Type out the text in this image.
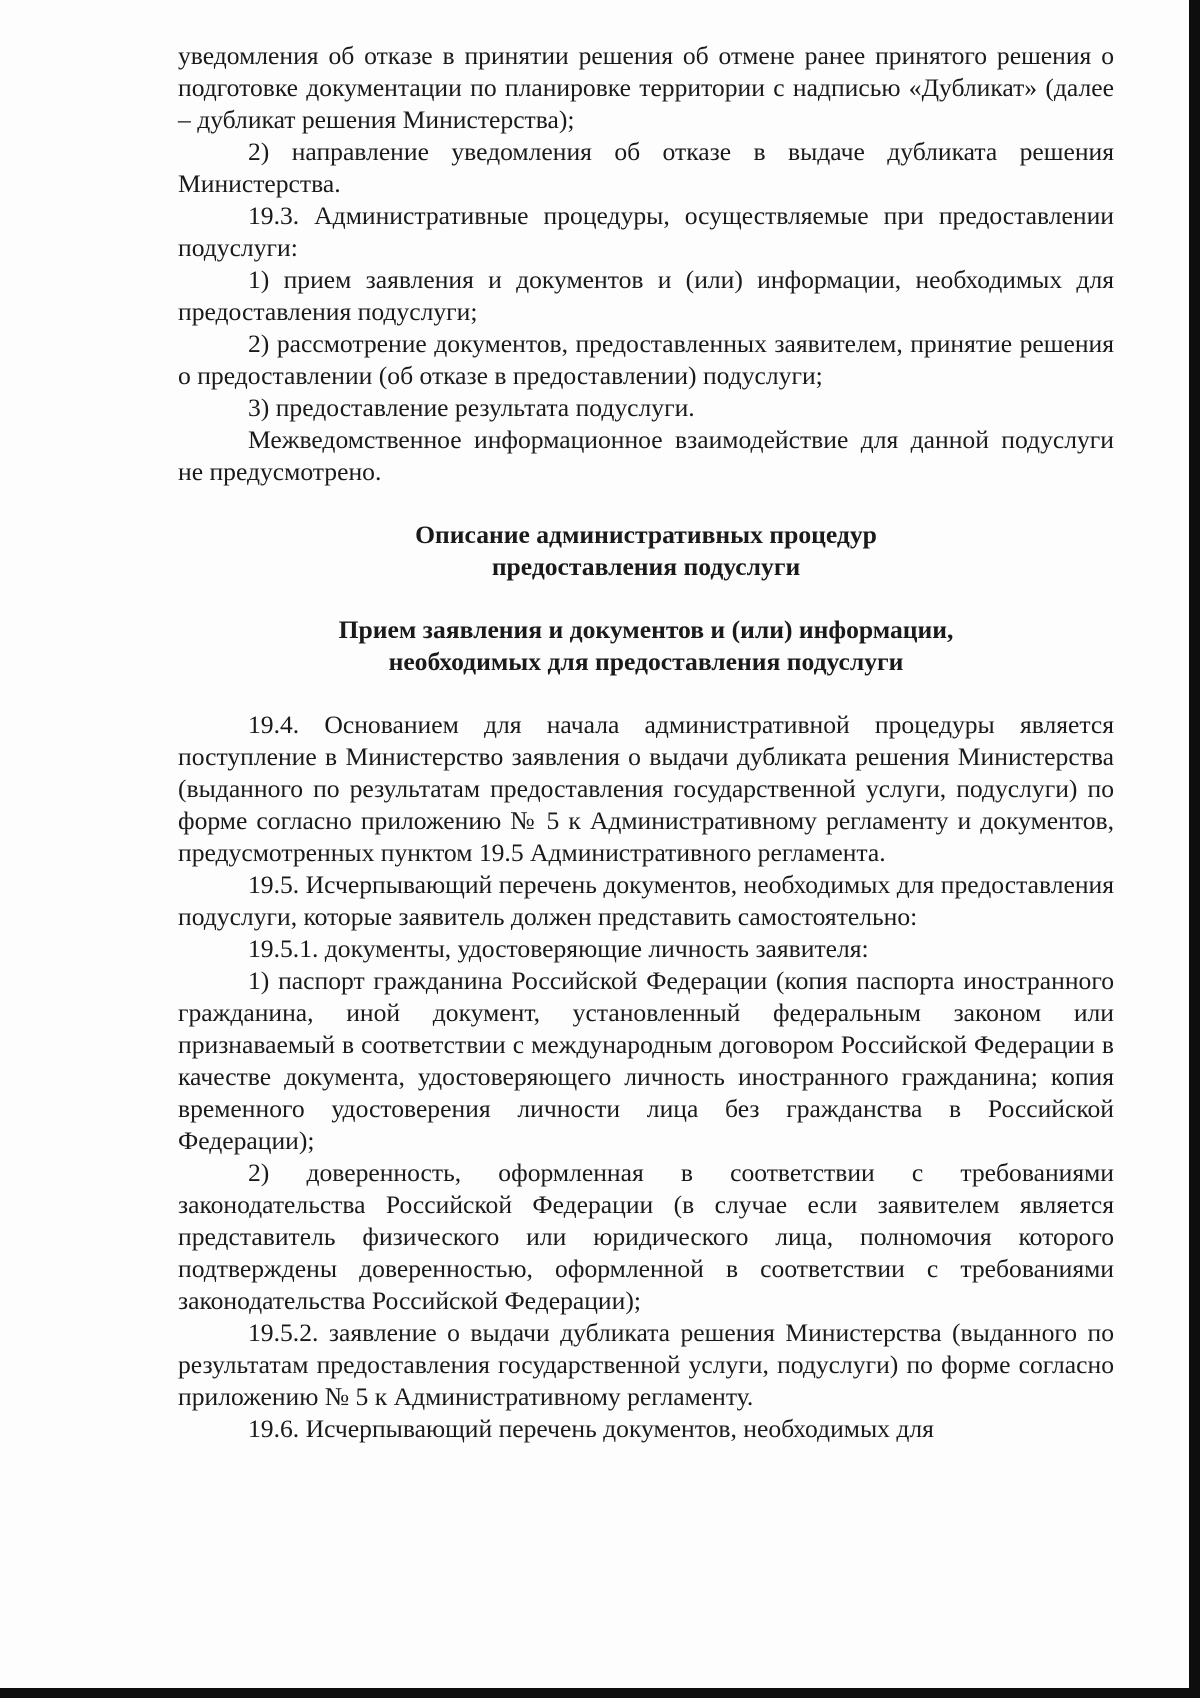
уведомления об отказе в принятии решения об отмене ранее принятого решения о подготовке документации по планировке территории с надписью «Дубликат» (далее – дубликат решения Министерства);

2) направление уведомления об отказе в выдаче дубликата решения Министерства.

19.3. Административные процедуры, осуществляемые при предоставлении подуслуги:

1) прием заявления и документов и (или) информации, необходимых для предоставления подуслуги;

2) рассмотрение документов, предоставленных заявителем, принятие решения о предоставлении (об отказе в предоставлении) подуслуги;

3) предоставление результата подуслуги.

Межведомственное информационное взаимодействие для данной подуслуги не предусмотрено.

Описание административных процедур
предоставления подуслуги
Прием заявления и документов и (или) информации,
необходимых для предоставления подуслуги

19.4. Основанием для начала административной процедуры является поступление в Министерство заявления о выдачи дубликата решения Министерства (выданного по результатам предоставления государственной услуги, подуслуги) по форме согласно приложению № 5 к Административному регламенту и документов, предусмотренных пунктом 19.5 Административного регламента.

19.5. Исчерпывающий перечень документов, необходимых для предоставления подуслуги, которые заявитель должен представить самостоятельно:

19.5.1. документы, удостоверяющие личность заявителя:

1) паспорт гражданина Российской Федерации (копия паспорта иностранного гражданина, иной документ, установленный федеральным законом или признаваемый в соответствии с международным договором Российской Федерации в качестве документа, удостоверяющего личность иностранного гражданина; копия временного удостоверения личности лица без гражданства в Российской Федерации);

2) доверенность, оформленная в соответствии с требованиями законодательства Российской Федерации (в случае если заявителем является представитель физического или юридического лица, полномочия которого подтверждены доверенностью, оформленной в соответствии с требованиями законодательства Российской Федерации);

19.5.2. заявление о выдачи дубликата решения Министерства (выданного по результатам предоставления государственной услуги, подуслуги) по форме согласно приложению № 5 к Административному регламенту.

19.6. Исчерпывающий перечень документов, необходимых для
